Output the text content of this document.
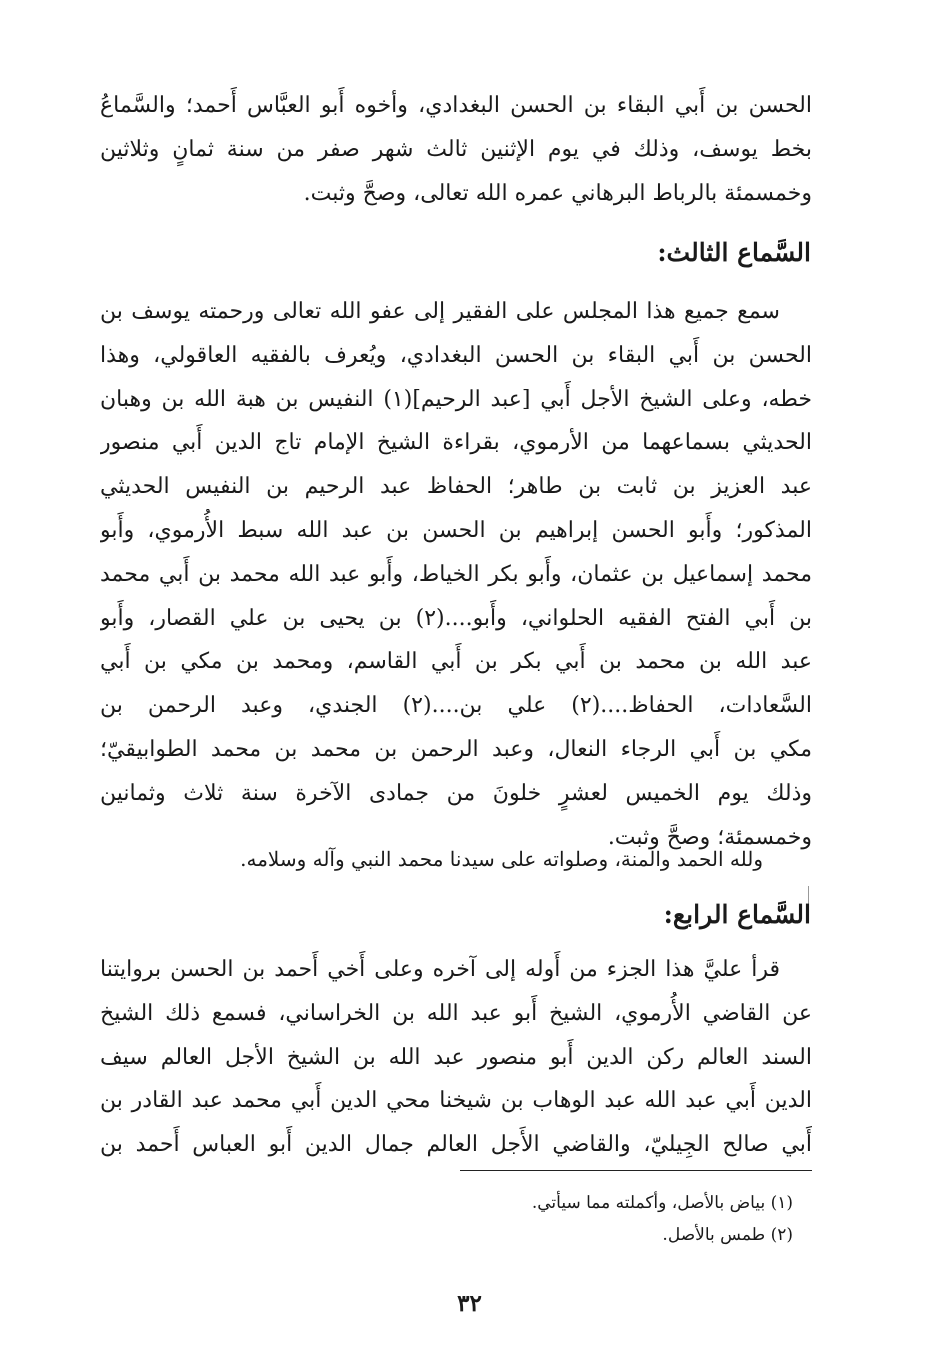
الحسن بن أَبي البقاء بن الحسن البغدادي، وأخوه أَبو العبَّاس أَحمد؛ والسَّماعُ
بخط يوسف، وذلك في يوم الإثنين ثالث شهر صفر من سنة ثمانٍ وثلاثين
وخمسمئة بالرباط البرهاني عمره الله تعالى، وصحَّ وثبت.
السَّماع الثالث:
سمع جميع هذا المجلس على الفقير إلى عفو الله تعالى ورحمته يوسف بن
الحسن بن أَبي البقاء بن الحسن البغدادي، ويُعرف بالفقيه العاقولي، وهذا
خطه، وعلى الشيخ الأجل أَبي [عبد الرحيم](١) النفيس بن هبة الله بن وهبان
الحديثي بسماعهما من الأرموي، بقراءة الشيخ الإمام تاج الدين أَبي منصور
عبد العزيز بن ثابت بن طاهر؛ الحفاظ عبد الرحيم بن النفيس الحديثي
المذكور؛ وأَبو الحسن إبراهيم بن الحسن بن عبد الله سبط الأُرموي، وأَبو
محمد إسماعيل بن عثمان، وأَبو بكر الخياط، وأَبو عبد الله محمد بن أَبي محمد
بن أَبي الفتح الفقيه الحلواني، وأَبو....(٢) بن يحيى بن علي القصار، وأَبو
عبد الله بن محمد بن أَبي بكر بن أَبي القاسم، ومحمد بن مكي بن أَبي
السَّعادات، الحفاظ....(٢) علي بن....(٢) الجندي، وعبد الرحمن بن
مكي بن أَبي الرجاء النعال، وعبد الرحمن بن محمد بن محمد الطوابيقيّ؛
وذلك يوم الخميس لعشرٍ خلونَ من جمادى الآخرة سنة ثلاث وثمانين
وخمسمئة؛ وصحَّ وثبت.
ولله الحمد والمنة، وصلواته على سيدنا محمد النبي وآله وسلامه.
السَّماع الرابع:
قرأ عليَّ هذا الجزء من أَوله إلى آخره وعلى أَخي أَحمد بن الحسن بروايتنا
عن القاضي الأُرموي، الشيخ أَبو عبد الله بن الخراساني، فسمع ذلك الشيخ
السند العالم ركن الدين أَبو منصور عبد الله بن الشيخ الأجل العالم سيف
الدين أَبي عبد الله عبد الوهاب بن شيخنا محي الدين أَبي محمد عبد القادر بن
أَبي صالح الجِيليّ، والقاضي الأَجل العالم جمال الدين أَبو العباس أَحمد بن
(١) بياض بالأصل، وأكملته مما سيأتي.
(٢) طمس بالأصل.
٣٢
